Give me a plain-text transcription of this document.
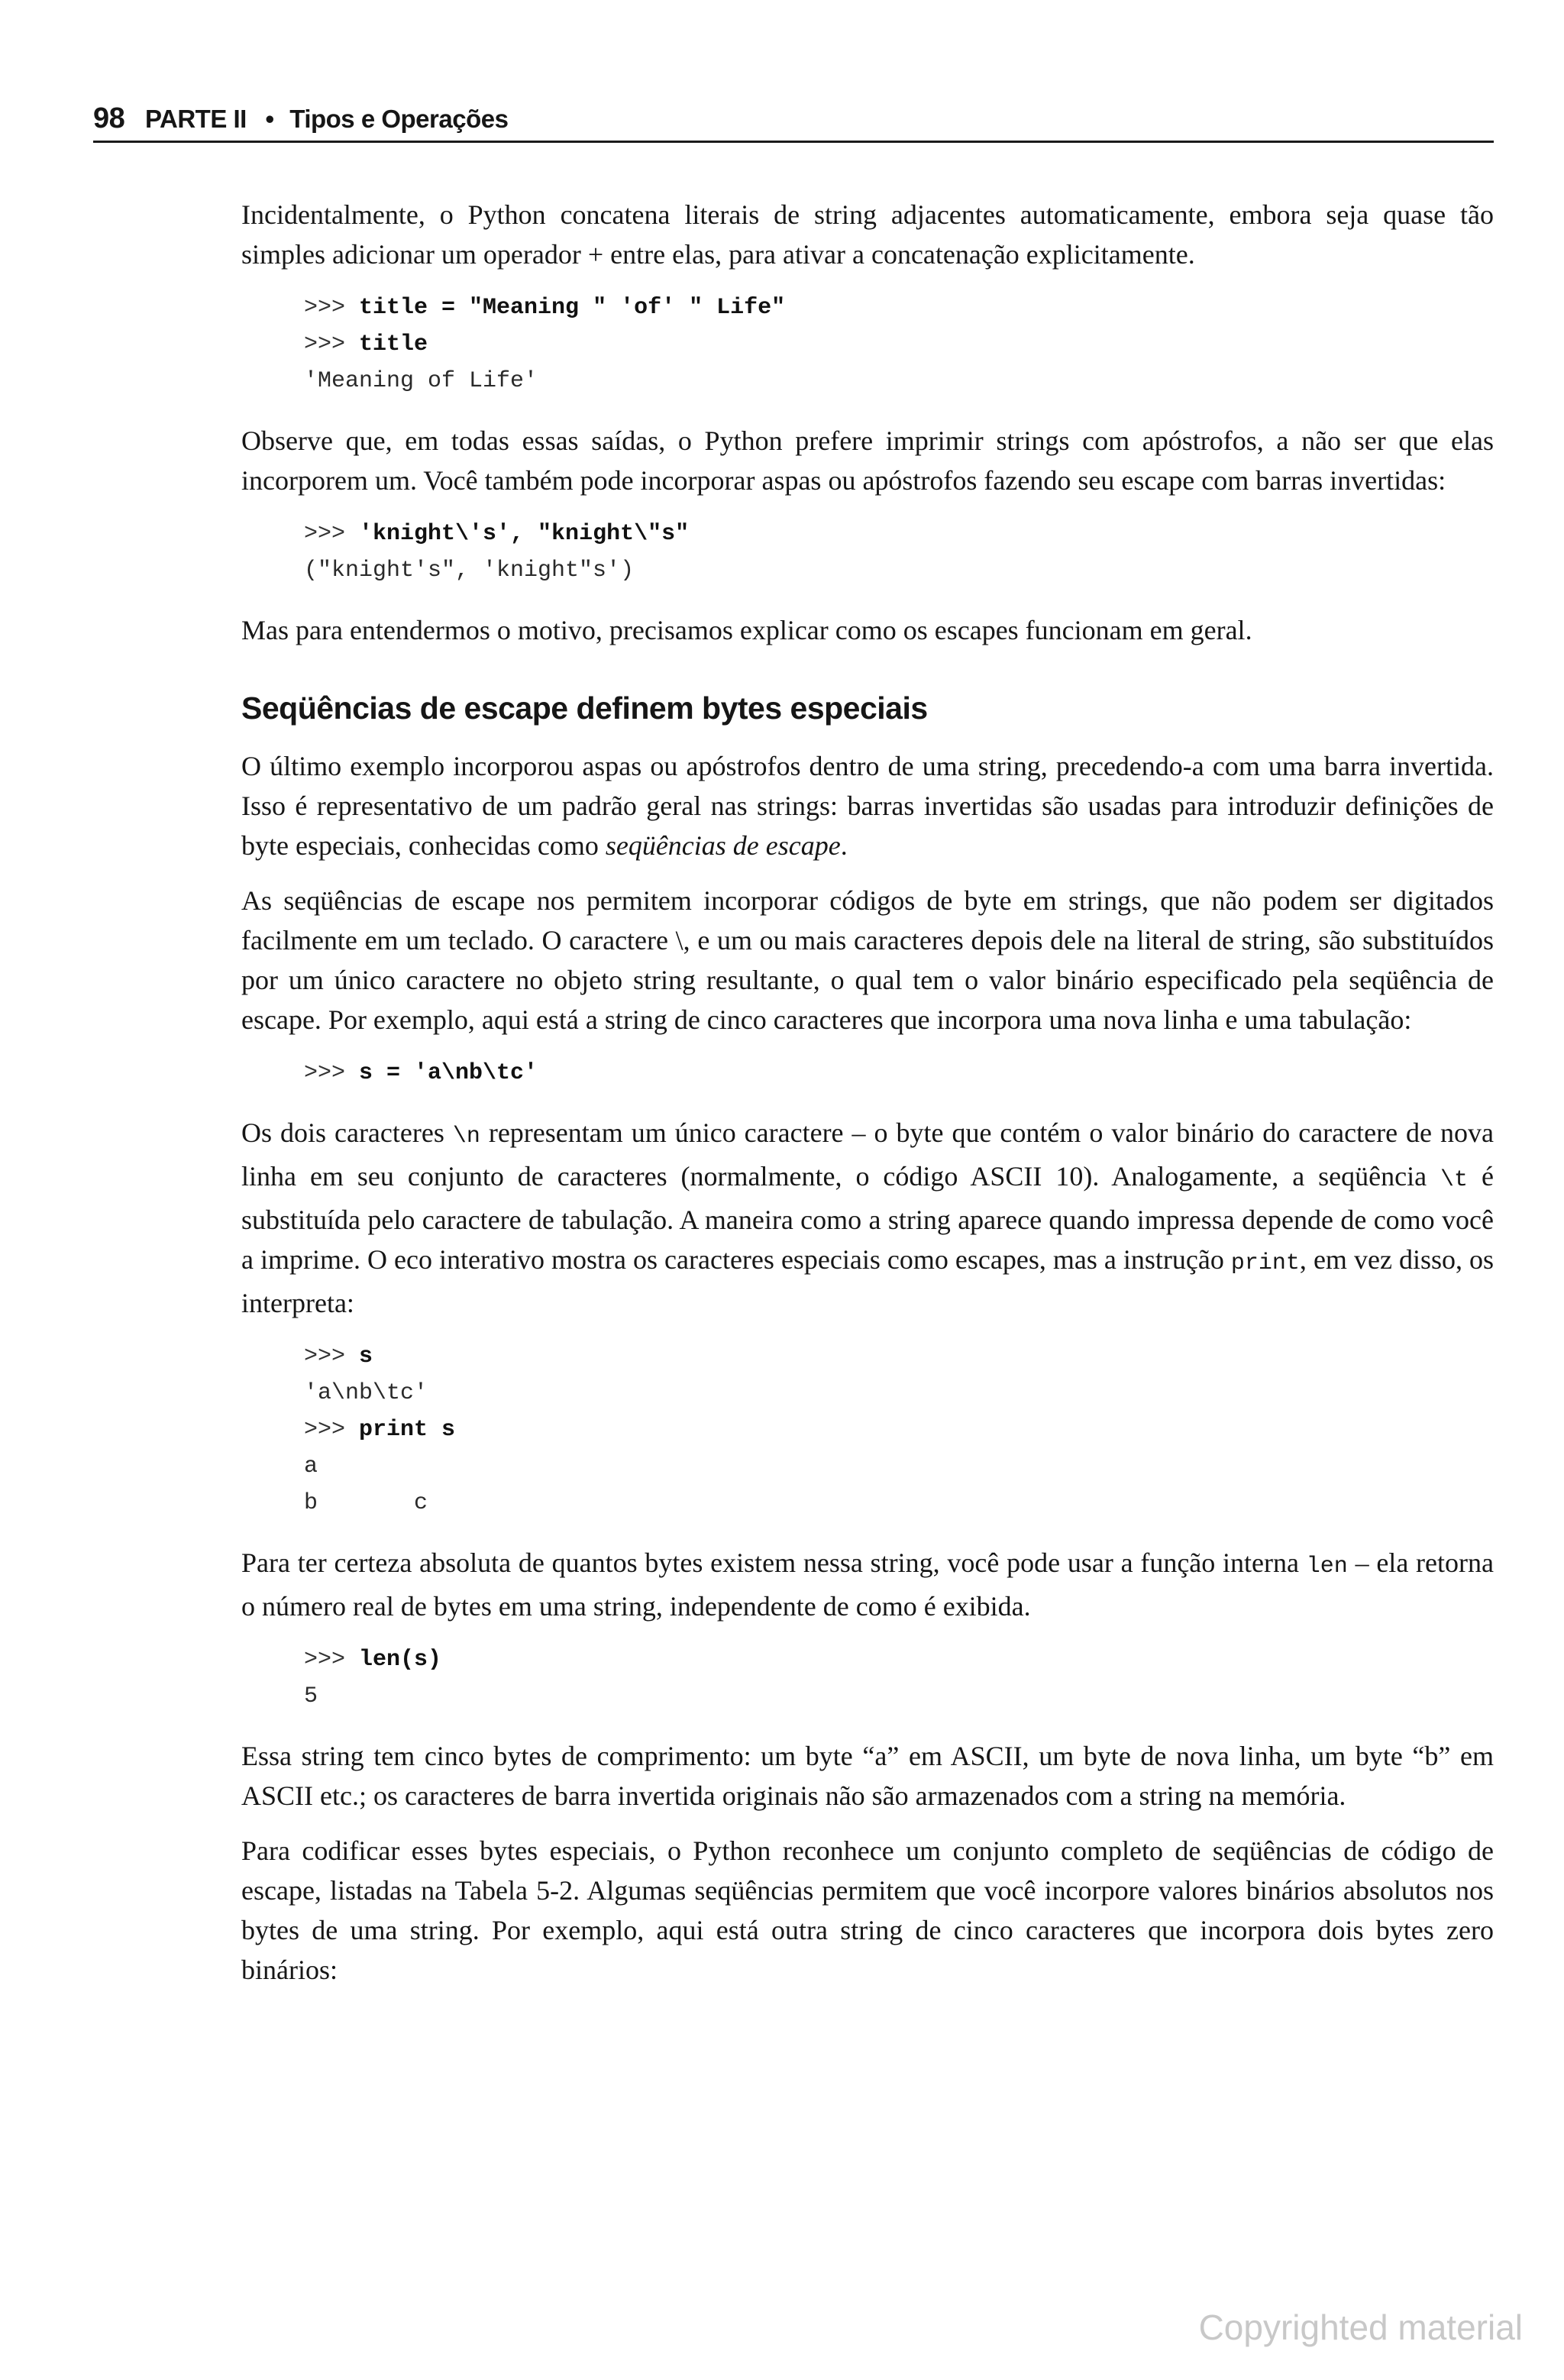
98 PARTE II • Tipos e Operações

Incidentalmente, o Python concatena literais de string adjacentes automaticamente, embora seja quase tão simples adicionar um operador + entre elas, para ativar a concatenação explicitamente.

>>> title = "Meaning " 'of' " Life"
>>> title
'Meaning of Life'

Observe que, em todas essas saídas, o Python prefere imprimir strings com apóstrofos, a não ser que elas incorporem um. Você também pode incorporar aspas ou apóstrofos fazendo seu escape com barras invertidas:

>>> 'knight\'s', "knight\"s"
("knight's", 'knight"s')

Mas para entendermos o motivo, precisamos explicar como os escapes funcionam em geral.

Seqüências de escape definem bytes especiais

O último exemplo incorporou aspas ou apóstrofos dentro de uma string, precedendo-a com uma barra invertida. Isso é representativo de um padrão geral nas strings: barras invertidas são usadas para introduzir definições de byte especiais, conhecidas como seqüências de escape.

As seqüências de escape nos permitem incorporar códigos de byte em strings, que não podem ser digitados facilmente em um teclado. O caractere \, e um ou mais caracteres depois dele na literal de string, são substituídos por um único caractere no objeto string resultante, o qual tem o valor binário especificado pela seqüência de escape. Por exemplo, aqui está a string de cinco caracteres que incorpora uma nova linha e uma tabulação:

>>> s = 'a\nb\tc'

Os dois caracteres \n representam um único caractere – o byte que contém o valor binário do caractere de nova linha em seu conjunto de caracteres (normalmente, o código ASCII 10). Analogamente, a seqüência \t é substituída pelo caractere de tabulação. A maneira como a string aparece quando impressa depende de como você a imprime. O eco interativo mostra os caracteres especiais como escapes, mas a instrução print, em vez disso, os interpreta:

>>> s
'a\nb\tc'
>>> print s
a
b       c

Para ter certeza absoluta de quantos bytes existem nessa string, você pode usar a função interna len – ela retorna o número real de bytes em uma string, independente de como é exibida.

>>> len(s)
5

Essa string tem cinco bytes de comprimento: um byte “a” em ASCII, um byte de nova linha, um byte “b” em ASCII etc.; os caracteres de barra invertida originais não são armazenados com a string na memória.

Para codificar esses bytes especiais, o Python reconhece um conjunto completo de seqüências de código de escape, listadas na Tabela 5-2. Algumas seqüências permitem que você incorpore valores binários absolutos nos bytes de uma string. Por exemplo, aqui está outra string de cinco caracteres que incorpora dois bytes zero binários:

Copyrighted material
